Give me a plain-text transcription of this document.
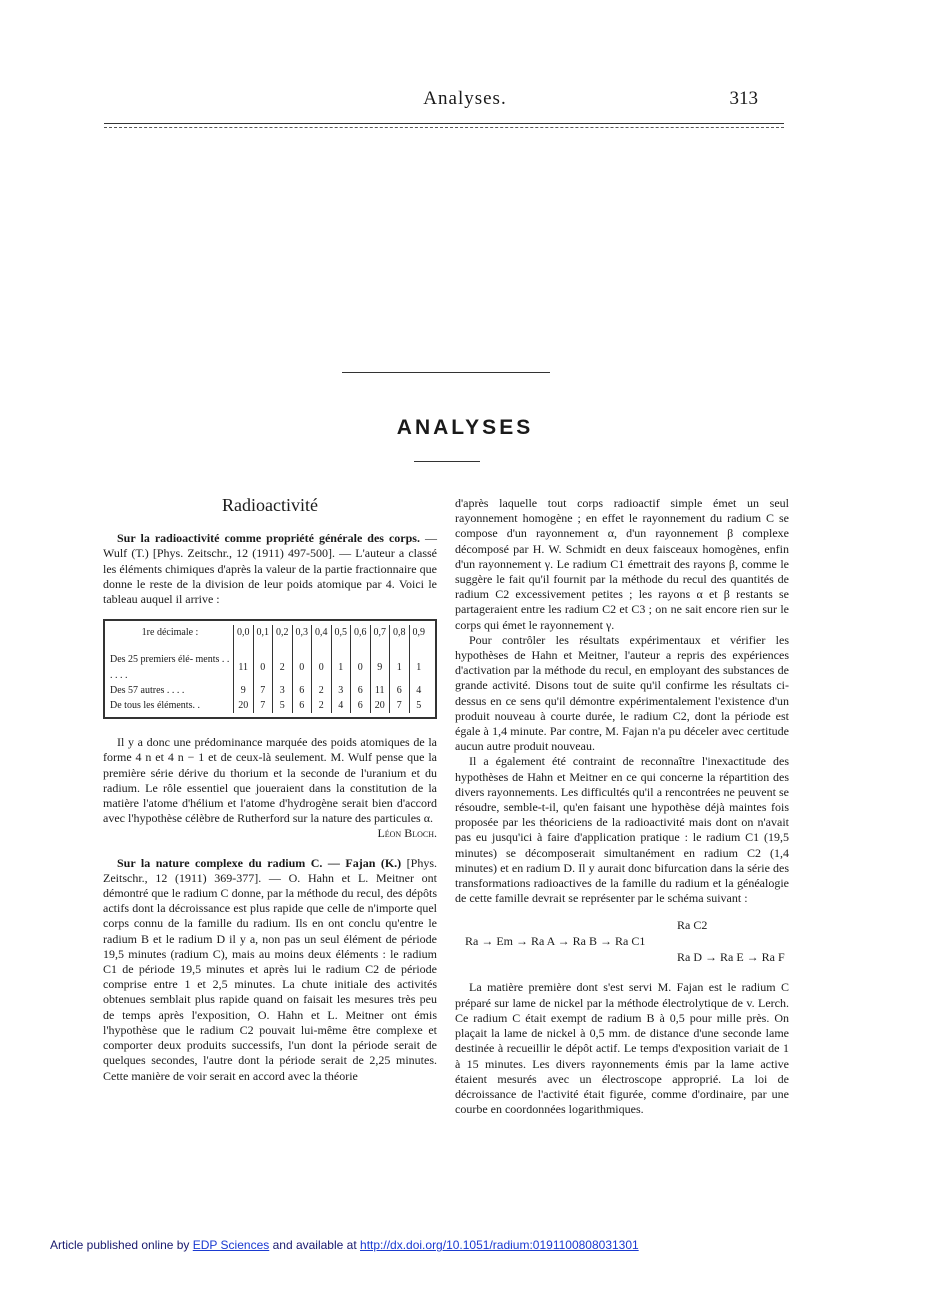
Analyses.	313
ANALYSES
Radioactivité

Sur la radioactivité comme propriété générale des corps. — Wulf (T.) [Phys. Zeitschr., 12 (1911) 497-500]. — L'auteur a classé les éléments chimiques d'après la valeur de la partie fractionnaire que donne le reste de la division de leur poids atomique par 4. Voici le tableau auquel il arrive :

1re décimale :	0,0	0,1	0,2	0,3	0,4	0,5	0,6	0,7	0,8	0,9

Des 25 premiers élé- ments . . . . . .	11	0	2	0	0	1	0	9	1	1
Des 57 autres . . . .	9	7	3	6	2	3	6	11	6	4
De tous les éléments. .	20	7	5	6	2	4	6	20	7	5

Il y a donc une prédominance marquée des poids atomiques de la forme 4 n et 4 n − 1 et de ceux-là seulement. M. Wulf pense que la première série dérive du thorium et la seconde de l'uranium et du radium. Le rôle essentiel que joueraient dans la constitution de la matière l'atome d'hélium et l'atome d'hydrogène serait bien d'accord avec l'hypothèse célèbre de Rutherford sur la nature des particules α.
Léon Bloch.

Sur la nature complexe du radium C. — Fajan (K.) [Phys. Zeitschr., 12 (1911) 369-377]. — O. Hahn et L. Meitner ont démontré que le radium C donne, par la méthode du recul, des dépôts actifs dont la décroissance est plus rapide que celle de n'importe quel corps connu de la famille du radium. Ils en ont conclu qu'entre le radium B et le radium D il y a, non pas un seul élément de période 19,5 minutes (radium C), mais au moins deux éléments : le radium C1 de période 19,5 minutes et après lui le radium C2 de période comprise entre 1 et 2,5 minutes. La chute initiale des activités obtenues semblait plus rapide quand on faisait les mesures très peu de temps après l'exposition, O. Hahn et L. Meitner ont émis l'hypothèse que le radium C2 pouvait lui-même être complexe et comporter deux produits successifs, l'un dont la période serait de quelques secondes, l'autre dont la période serait de 2,25 minutes. Cette manière de voir serait en accord avec la théorie

d'après laquelle tout corps radioactif simple émet un seul rayonnement homogène ; en effet le rayonnement du radium C se compose d'un rayonnement α, d'un rayonnement β complexe décomposé par H. W. Schmidt en deux faisceaux homogènes, enfin d'un rayonnement γ. Le radium C1 émettrait des rayons β, comme le suggère le fait qu'il fournit par la méthode du recul des quantités de radium C2 excessivement petites ; les rayons α et β restants se partageraient entre les radium C2 et C3 ; on ne sait encore rien sur le corps qui émet le rayonnement γ.

Pour contrôler les résultats expérimentaux et vérifier les hypothèses de Hahn et Meitner, l'auteur a repris des expériences d'activation par la méthode du recul, en employant des substances de grande activité. Disons tout de suite qu'il confirme les résultats ci-dessus en ce sens qu'il démontre expérimentalement l'existence d'un produit nouveau à courte durée, le radium C2, dont la période est égale à 1,4 minute. Par contre, M. Fajan n'a pu déceler avec certitude aucun autre produit nouveau.

Il a également été contraint de reconnaître l'inexactitude des hypothèses de Hahn et Meitner en ce qui concerne la répartition des divers rayonnements. Les difficultés qu'il a rencontrées ne peuvent se résoudre, semble-t-il, qu'en faisant une hypothèse déjà maintes fois proposée par les théoriciens de la radioactivité mais dont on n'avait pas eu jusqu'ici à faire d'application pratique : le radium C1 (19,5 minutes) se décomposerait simultanément en radium C2 (1,4 minutes) et en radium D. Il y aurait donc bifurcation dans la série des transformations radioactives de la famille du radium et la généalogie de cette famille devrait se représenter par le schéma suivant :

Ra → Em → Ra A → Ra B → Ra C1
Ra C2
Ra D → Ra E → Ra F

La matière première dont s'est servi M. Fajan est le radium C préparé sur lame de nickel par la méthode électrolytique de v. Lerch. Ce radium C était exempt de radium B à 0,5 pour mille près. On plaçait la lame de nickel à 0,5 mm. de distance d'une seconde lame destinée à recueillir le dépôt actif. Le temps d'exposition variait de 1 à 15 minutes. Les divers rayonnements émis par la lame active étaient mesurés avec un électroscope approprié. La loi de décroissance de l'activité était figurée, comme d'ordinaire, par une courbe en coordonnées logarithmiques.

Article published online by EDP Sciences and available at http://dx.doi.org/10.1051/radium:0191100808031301
